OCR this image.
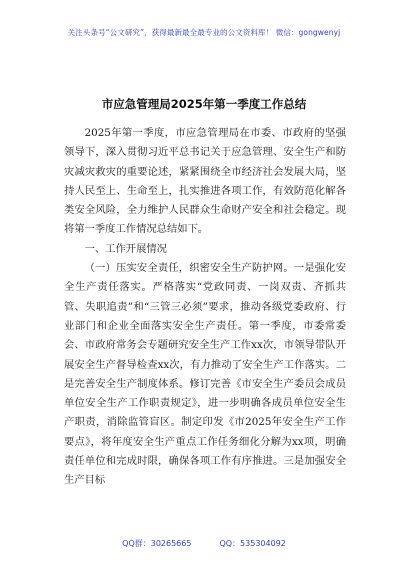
关注头条号“公文研究”，获得最新最全最专业的公文资料库！ 微信：gongwenyj
市应急管理局2025年第一季度工作总结

2025年第一季度，市应急管理局在市委、市政府的坚强领导下，深入贯彻习近平总书记关于应急管理、安全生产和防灾减灾救灾的重要论述，紧紧围绕全市经济社会发展大局，坚持人民至上、生命至上，扎实推进各项工作，有效防范化解各类安全风险，全力维护人民群众生命财产安全和社会稳定。现将第一季度工作情况总结如下。

一、工作开展情况

（一）压实安全责任，织密安全生产防护网。一是强化安全生产责任落实。严格落实“党政同责、一岗双责、齐抓共管、失职追责”和“三管三必须”要求，推动各级党委政府、行业部门和企业全面落实安全生产责任。第一季度，市委常委会、市政府常务会专题研究安全生产工作xx次，市领导带队开展安全生产督导检查xx次，有力推动了安全生产工作落实。二是完善安全生产制度体系。修订完善《市安全生产委员会成员单位安全生产工作职责规定》，进一步明确各成员单位安全生产职责，消除监管盲区。制定印发《市2025年安全生产工作要点》，将年度安全生产重点工作任务细化分解为xx项，明确责任单位和完成时限，确保各项工作有序推进。三是加强安全生产目标

QQ群：30265665	QQ：535304092
